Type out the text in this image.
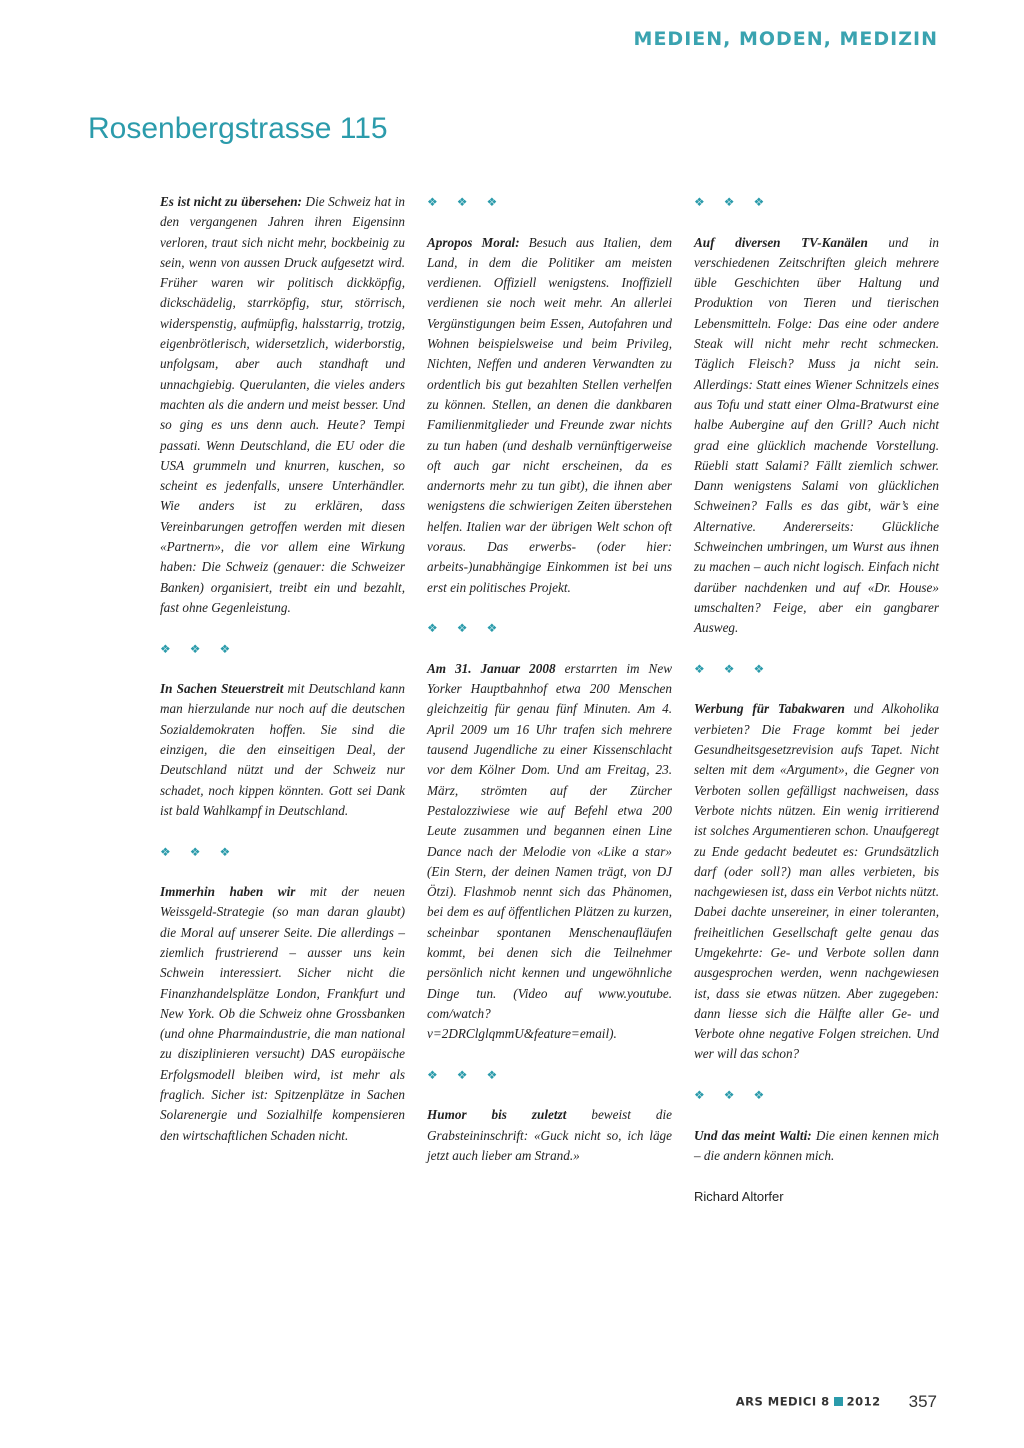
MEDIEN, MODEN, MEDIZIN
Rosenbergstrasse 115

Es ist nicht zu übersehen: Die Schweiz hat in den vergangenen Jahren ihren Eigensinn verloren, traut sich nicht mehr, bockbeinig zu sein, wenn von aussen Druck aufgesetzt wird. Früher waren wir politisch dickköpfig, dickschädelig, starrköpfig, stur, störrisch, widerspenstig, aufmüpfig, halsstarrig, trotzig, eigenbrötlerisch, widersetzlich, widerborstig, unfolgsam, aber auch standhaft und unnachgiebig. Querulanten, die vieles anders machten als die andern und meist besser. Und so ging es uns denn auch. Heute? Tempi passati. Wenn Deutschland, die EU oder die USA grummeln und knurren, kuschen, so scheint es jedenfalls, unsere Unterhändler. Wie anders ist zu erklären, dass Vereinbarungen getroffen werden mit diesen «Partnern», die vor allem eine Wirkung haben: Die Schweiz (genauer: die Schweizer Banken) organisiert, treibt ein und bezahlt, fast ohne Gegenleistung.

❖ ❖ ❖

In Sachen Steuerstreit mit Deutschland kann man hierzulande nur noch auf die deutschen Sozialdemokraten hoffen. Sie sind die einzigen, die den einseitigen Deal, der Deutschland nützt und der Schweiz nur schadet, noch kippen könnten. Gott sei Dank ist bald Wahlkampf in Deutschland.

❖ ❖ ❖

Immerhin haben wir mit der neuen Weissgeld-Strategie (so man daran glaubt) die Moral auf unserer Seite. Die allerdings – ziemlich frustrierend – ausser uns kein Schwein interessiert. Sicher nicht die Finanzhandelsplätze London, Frankfurt und New York. Ob die Schweiz ohne Grossbanken (und ohne Pharmaindustrie, die man national zu disziplinieren versucht) DAS europäische Erfolgsmodell bleiben wird, ist mehr als fraglich. Sicher ist: Spitzenplätze in Sachen Solarenergie und Sozialhilfe kompensieren den wirtschaftlichen Schaden nicht.

❖ ❖ ❖

Apropos Moral: Besuch aus Italien, dem Land, in dem die Politiker am meisten verdienen. Offiziell wenigstens. Inoffiziell verdienen sie noch weit mehr. An allerlei Vergünstigungen beim Essen, Autofahren und Wohnen beispielsweise und beim Privileg, Nichten, Neffen und anderen Verwandten zu ordentlich bis gut bezahlten Stellen verhelfen zu können. Stellen, an denen die dankbaren Familienmitglieder und Freunde zwar nichts zu tun haben (und deshalb vernünftigerweise oft auch gar nicht erscheinen, da es andernorts mehr zu tun gibt), die ihnen aber wenigstens die schwierigen Zeiten überstehen helfen. Italien war der übrigen Welt schon oft voraus. Das erwerbs- (oder hier: arbeits-)unabhängige Einkommen ist bei uns erst ein politisches Projekt.

❖ ❖ ❖

Am 31. Januar 2008 erstarrten im New Yorker Hauptbahnhof etwa 200 Menschen gleichzeitig für genau fünf Minuten. Am 4. April 2009 um 16 Uhr trafen sich mehrere tausend Jugendliche zu einer Kissenschlacht vor dem Kölner Dom. Und am Freitag, 23. März, strömten auf der Zürcher Pestalozziwiese wie auf Befehl etwa 200 Leute zusammen und begannen einen Line Dance nach der Melodie von «Like a star» (Ein Stern, der deinen Namen trägt, von DJ Ötzi). Flashmob nennt sich das Phänomen, bei dem es auf öffentlichen Plätzen zu kurzen, scheinbar spontanen Menschenaufläufen kommt, bei denen sich die Teilnehmer persönlich nicht kennen und ungewöhnliche Dinge tun. (Video auf www.youtube. com/watch?v=2DRClglqmmU&feature=email).

❖ ❖ ❖

Humor bis zuletzt beweist die Grabsteininschrift: «Guck nicht so, ich läge jetzt auch lieber am Strand.»

❖ ❖ ❖

Auf diversen TV-Kanälen und in verschiedenen Zeitschriften gleich mehrere üble Geschichten über Haltung und Produktion von Tieren und tierischen Lebensmitteln. Folge: Das eine oder andere Steak will nicht mehr recht schmecken. Täglich Fleisch? Muss ja nicht sein. Allerdings: Statt eines Wiener Schnitzels eines aus Tofu und statt einer Olma-Bratwurst eine halbe Aubergine auf den Grill? Auch nicht grad eine glücklich machende Vorstellung. Rüebli statt Salami? Fällt ziemlich schwer. Dann wenigstens Salami von glücklichen Schweinen? Falls es das gibt, wär’s eine Alternative. Andererseits: Glückliche Schweinchen umbringen, um Wurst aus ihnen zu machen – auch nicht logisch. Einfach nicht darüber nachdenken und auf «Dr. House» umschalten? Feige, aber ein gangbarer Ausweg.

❖ ❖ ❖

Werbung für Tabakwaren und Alkoholika verbieten? Die Frage kommt bei jeder Gesundheitsgesetzrevision aufs Tapet. Nicht selten mit dem «Argument», die Gegner von Verboten sollen gefälligst nachweisen, dass Verbote nichts nützen. Ein wenig irritierend ist solches Argumentieren schon. Unaufgeregt zu Ende gedacht bedeutet es: Grundsätzlich darf (oder soll?) man alles verbieten, bis nachgewiesen ist, dass ein Verbot nichts nützt. Dabei dachte unsereiner, in einer toleranten, freiheitlichen Gesellschaft gelte genau das Umgekehrte: Ge- und Verbote sollen dann ausgesprochen werden, wenn nachgewiesen ist, dass sie etwas nützen. Aber zugegeben: dann liesse sich die Hälfte aller Ge- und Verbote ohne negative Folgen streichen. Und wer will das schon?

❖ ❖ ❖

Und das meint Walti: Die einen kennen mich – die andern können mich.

Richard Altorfer

ARS MEDICI 8 2012 357
